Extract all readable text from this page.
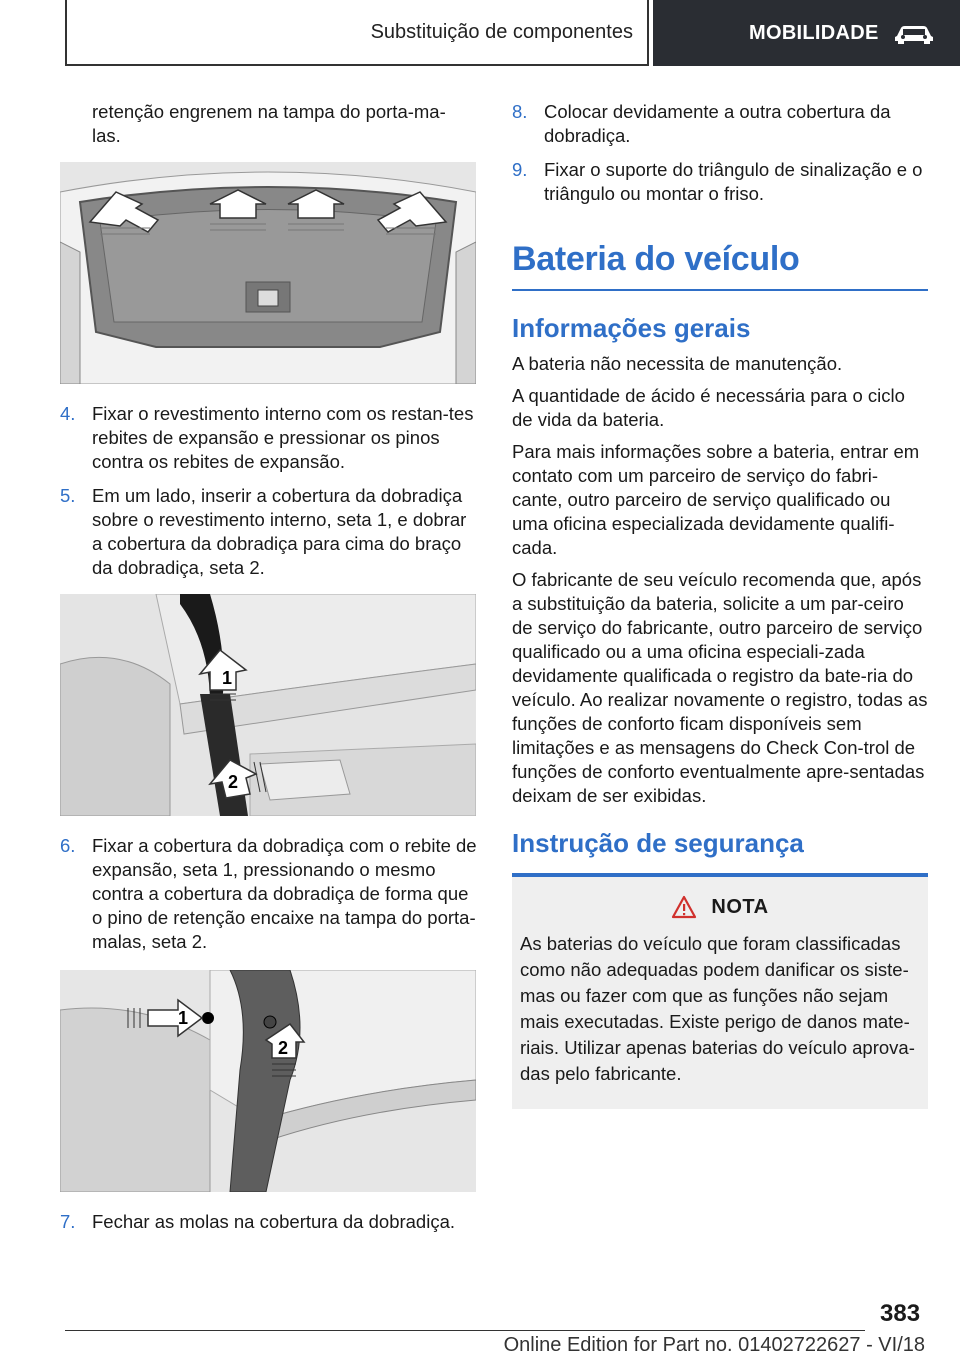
Substituição de componentes	MOBILIDADE

retenção engrenem na tampa do porta-ma-
las.

4. Fixar o revestimento interno com os restan-tes rebites de expansão e pressionar os pinos contra os rebites de expansão.
5. Em um lado, inserir a cobertura da dobradiça sobre o revestimento interno, seta 1, e dobrar a cobertura da dobradiça para cima do braço da dobradiça, seta 2.
1
2
6. Fixar a cobertura da dobradiça com o rebite de expansão, seta 1, pressionando o mesmo contra a cobertura da dobradiça de forma que o pino de retenção encaixe na tampa do porta-malas, seta 2.
1
2
7. Fechar as molas na cobertura da dobradiça.
8. Colocar devidamente a outra cobertura da dobradiça.
9. Fixar o suporte do triângulo de sinalização e o triângulo ou montar o friso.
Bateria do veículo
Informações gerais

A bateria não necessita de manutenção.

A quantidade de ácido é necessária para o ciclo de vida da bateria.

Para mais informações sobre a bateria, entrar em contato com um parceiro de serviço do fabri-cante, outro parceiro de serviço qualificado ou uma oficina especializada devidamente qualifi-cada.

O fabricante de seu veículo recomenda que, após a substituição da bateria, solicite a um par-ceiro de serviço do fabricante, outro parceiro de serviço qualificado ou a uma oficina especiali-zada devidamente qualificada o registro da bate-ria do veículo. Ao realizar novamente o registro, todas as funções de conforto ficam disponíveis sem limitações e as mensagens do Check Con-trol de funções de conforto eventualmente apre-sentadas deixam de ser exibidas.

Instrução de segurança
NOTA

As baterias do veículo que foram classificadas como não adequadas podem danificar os siste-mas ou fazer com que as funções não sejam mais executadas. Existe perigo de danos mate-riais. Utilizar apenas baterias do veículo aprova-das pelo fabricante.

383
Online Edition for Part no. 01402722627 - VI/18
